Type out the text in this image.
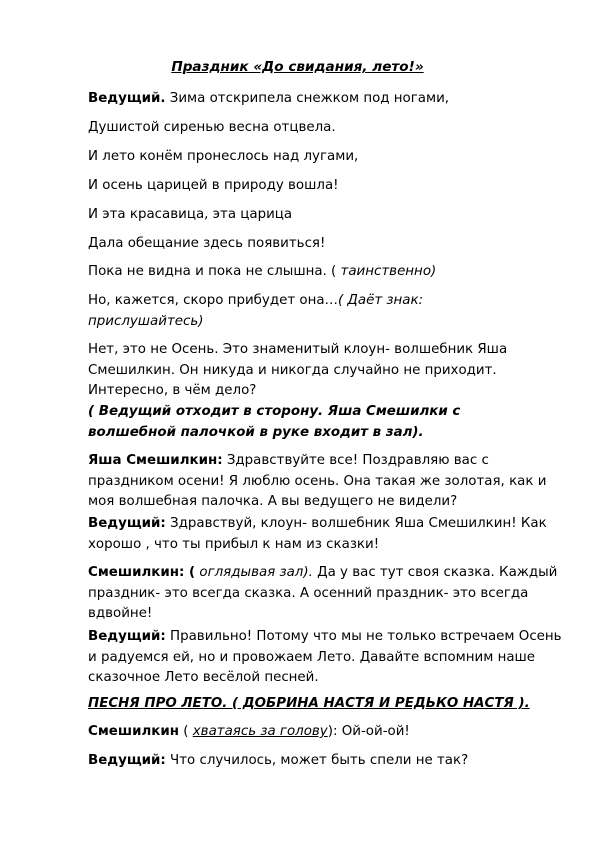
Праздник «До свидания, лето!»

Ведущий. Зима отскрипела снежком под ногами,

Душистой сиренью весна отцвела.

И лето конём пронеслось над лугами,

И осень царицей в природу вошла!

И эта красавица, эта царица

Дала обещание здесь появиться!

Пока не видна и пока не слышна. ( таинственно)

Но, кажется, скоро прибудет она…( Даёт знак: прислушайтесь)

Нет, это не Осень. Это знаменитый клоун- волшебник Яша Смешилкин. Он никуда и никогда случайно не приходит. Интересно, в чём дело?

( Ведущий отходит в сторону. Яша Смешилки с волшебной палочкой в руке входит в зал).

Яша Смешилкин: Здравствуйте все! Поздравляю вас с праздником осени! Я люблю осень. Она такая же золотая, как и моя волшебная палочка. А вы ведущего не видели?

Ведущий: Здравствуй, клоун- волшебник Яша Смешилкин! Как хорошо , что ты прибыл к нам из сказки!

Смешилкин: ( оглядывая зал). Да у вас тут своя сказка. Каждый праздник- это всегда сказка. А осенний праздник- это всегда вдвойне!

Ведущий: Правильно! Потому что мы не только встречаем Осень и радуемся ей, но и провожаем Лето. Давайте вспомним наше сказочное Лето весёлой песней.

ПЕСНЯ ПРО ЛЕТО. ( ДОБРИНА НАСТЯ И РЕДЬКО НАСТЯ ).

Смешилкин ( хватаясь за голову): Ой-ой-ой!

Ведущий: Что случилось, может быть спели не так?
